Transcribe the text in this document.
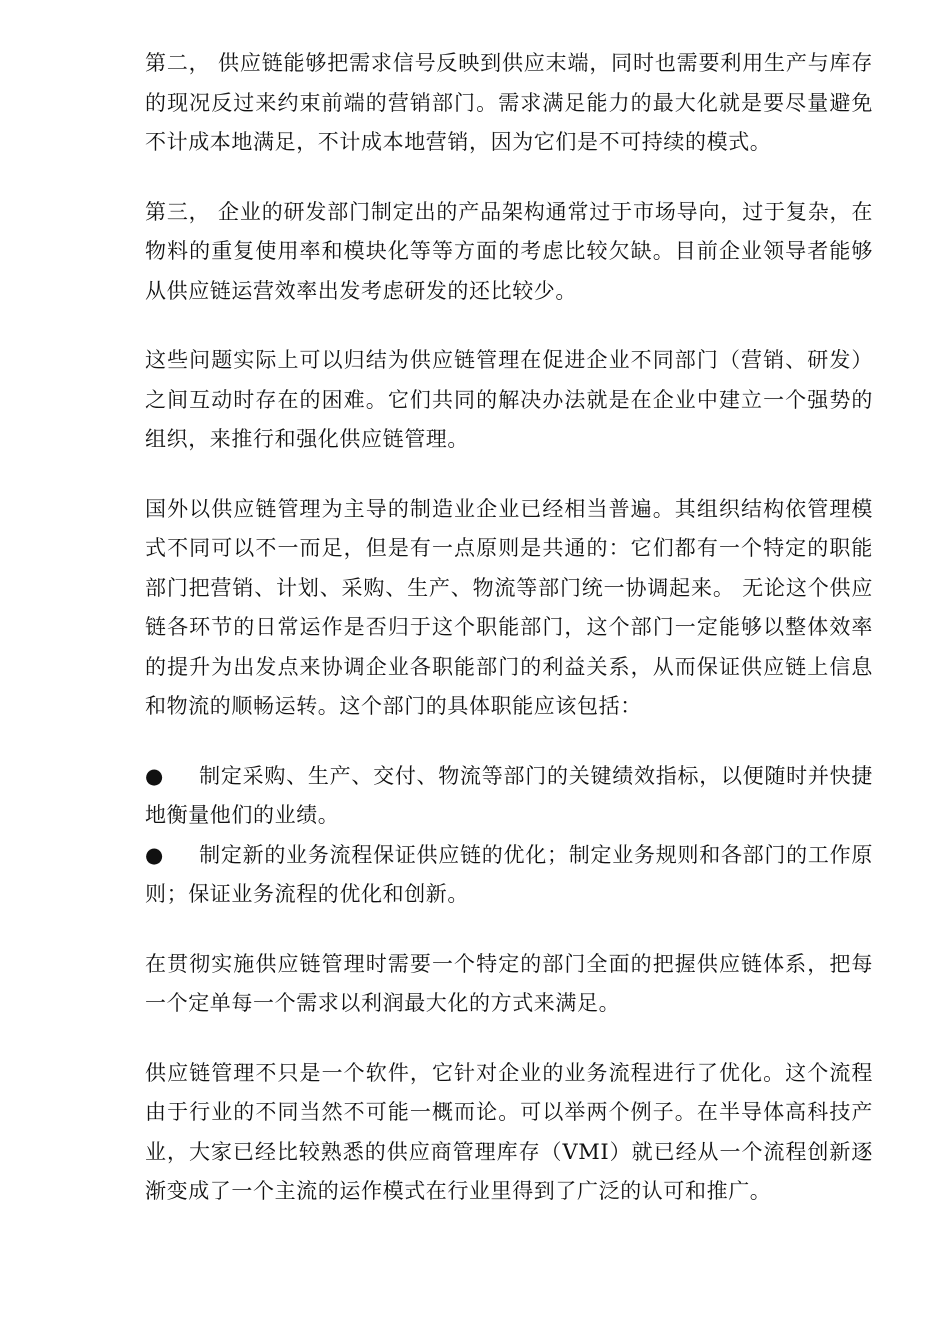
第二， 供应链能够把需求信号反映到供应末端，同时也需要利用生产与库存的现况反过来约束前端的营销部门。需求满足能力的最大化就是要尽量避免不计成本地满足，不计成本地营销，因为它们是不可持续的模式。

第三， 企业的研发部门制定出的产品架构通常过于市场导向，过于复杂，在物料的重复使用率和模块化等等方面的考虑比较欠缺。目前企业领导者能够从供应链运营效率出发考虑研发的还比较少。

这些问题实际上可以归结为供应链管理在促进企业不同部门（营销、研发）之间互动时存在的困难。它们共同的解决办法就是在企业中建立一个强势的组织，来推行和强化供应链管理。

国外以供应链管理为主导的制造业企业已经相当普遍。其组织结构依管理模式不同可以不一而足，但是有一点原则是共通的：它们都有一个特定的职能部门把营销、计划、采购、生产、物流等部门统一协调起来。 无论这个供应链各环节的日常运作是否归于这个职能部门，这个部门一定能够以整体效率的提升为出发点来协调企业各职能部门的利益关系，从而保证供应链上信息和物流的顺畅运转。这个部门的具体职能应该包括：

● 制定采购、生产、交付、物流等部门的关键绩效指标，以便随时并快捷地衡量他们的业绩。
● 制定新的业务流程保证供应链的优化；制定业务规则和各部门的工作原则；保证业务流程的优化和创新。

在贯彻实施供应链管理时需要一个特定的部门全面的把握供应链体系，把每一个定单每一个需求以利润最大化的方式来满足。

供应链管理不只是一个软件，它针对企业的业务流程进行了优化。这个流程由于行业的不同当然不可能一概而论。可以举两个例子。在半导体高科技产业，大家已经比较熟悉的供应商管理库存（VMI）就已经从一个流程创新逐渐变成了一个主流的运作模式在行业里得到了广泛的认可和推广。
